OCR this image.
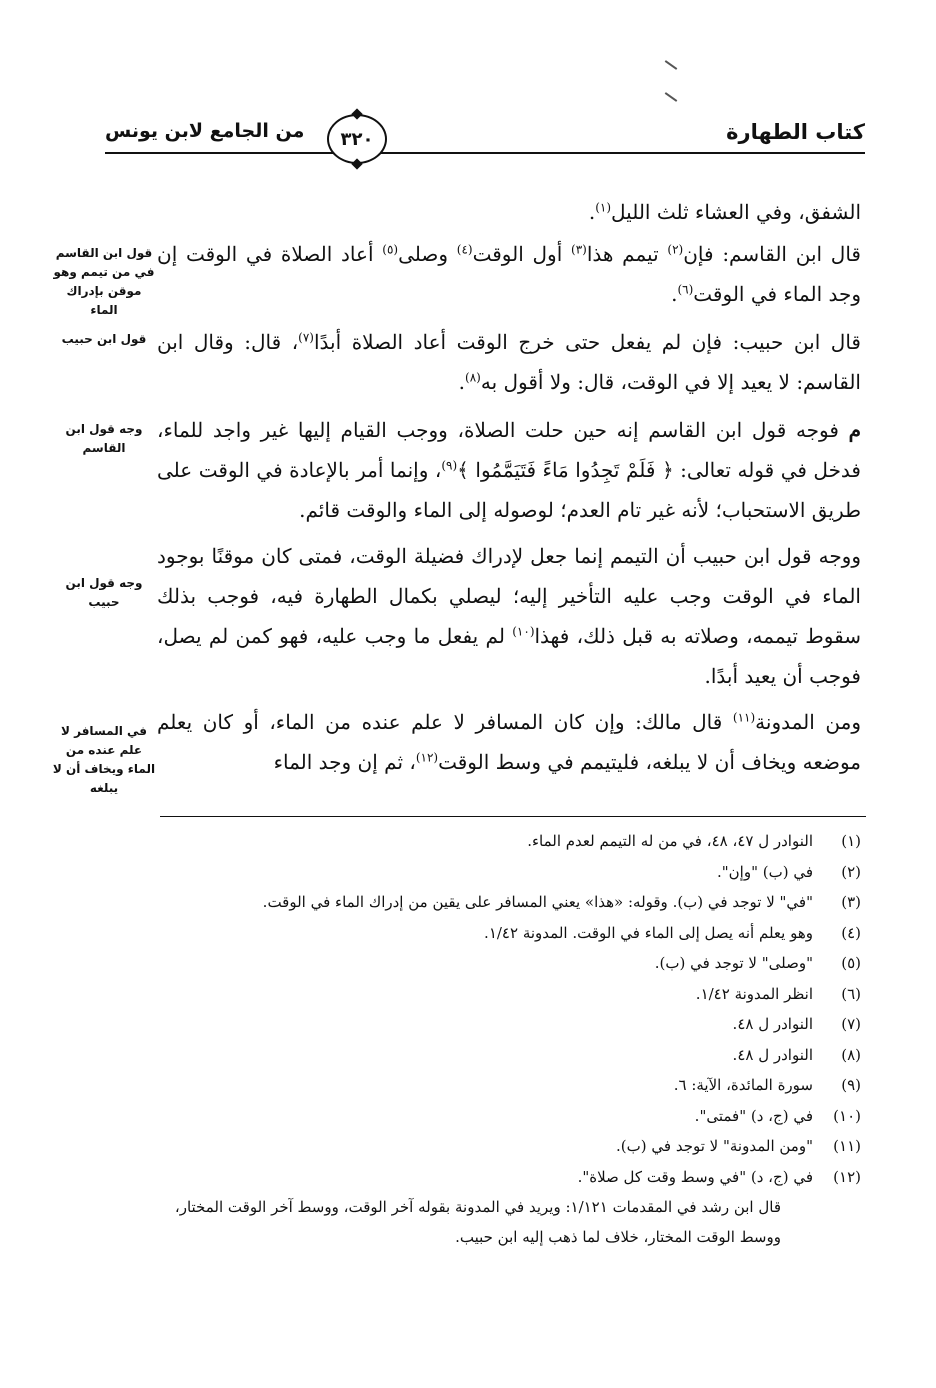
كتاب الطهارة
٣٢٠
من الجامع لابن يونس
الشفق، وفي العشاء ثلث الليل$^{(١)}$.
قال ابن القاسم: فإن$^{(٢)}$ تيمم هذا$^{(٣)}$ أول الوقت$^{(٤)}$ وصلى$^{(٥)}$ أعاد الصلاة في الوقت إن وجد الماء في الوقت$^{(٦)}$.
قال ابن حبيب: فإن لم يفعل حتى خرج الوقت أعاد الصلاة أبدًا$^{(٧)}$، قال: وقال ابن القاسم: لا يعيد إلا في الوقت، قال: ولا أقول به$^{(٨)}$.
م فوجه قول ابن القاسم إنه حين حلت الصلاة، ووجب القيام إليها غير واجد للماء، فدخل في قوله تعالى: ﴿ فَلَمْ تَجِدُوا مَاءً فَتَيَمَّمُوا ﴾$^{(٩)}$، وإنما أمر بالإعادة في الوقت على طريق الاستحباب؛ لأنه غير تام العدم؛ لوصوله إلى الماء والوقت قائم.
ووجه قول ابن حبيب أن التيمم إنما جعل لإدراك فضيلة الوقت، فمتى كان موقنًا بوجود الماء في الوقت وجب عليه التأخير إليه؛ ليصلي بكمال الطهارة فيه، فوجب بذلك سقوط تيممه، وصلاته به قبل ذلك، فهذا$^{(١٠)}$ لم يفعل ما وجب عليه، فهو كمن لم يصل، فوجب أن يعيد أبدًا.
ومن المدونة$^{(١١)}$ قال مالك: وإن كان المسافر لا علم عنده من الماء، أو كان يعلم موضعه ويخاف أن لا يبلغه، فليتيمم في وسط الوقت$^{(١٢)}$، ثم إن وجد الماء
قول ابن القاسم في من تيمم وهو موقن بإدراك الماء
قول ابن حبيب
وجه قول ابن القاسم
وجه قول ابن حبيب
في المسافر لا علم عنده من الماء ويخاف أن لا يبلغه
(١)
النوادر ل ٤٧، ٤٨، في من له التيمم لعدم الماء.
(٢)
في (ب) "وإن".
(٣)
"في" لا توجد في (ب). وقوله: «هذا» يعني المسافر على يقين من إدراك الماء في الوقت.
(٤)
وهو يعلم أنه يصل إلى الماء في الوقت. المدونة ١/٤٢.
(٥)
"وصلى" لا توجد في (ب).
(٦)
انظر المدونة ١/٤٢.
(٧)
النوادر ل ٤٨.
(٨)
النوادر ل ٤٨.
(٩)
سورة المائدة، الآية: ٦.
(١٠)
في (ج، د) "فمتى".
(١١)
"ومن المدونة" لا توجد في (ب).
(١٢)
في (ج، د) "في وسط وقت كل صلاة".
قال ابن رشد في المقدمات ١/١٢١: ويريد في المدونة بقوله آخر الوقت، ووسط آخر الوقت المختار، ووسط الوقت المختار، خلاف لما ذهب إليه ابن حبيب.
